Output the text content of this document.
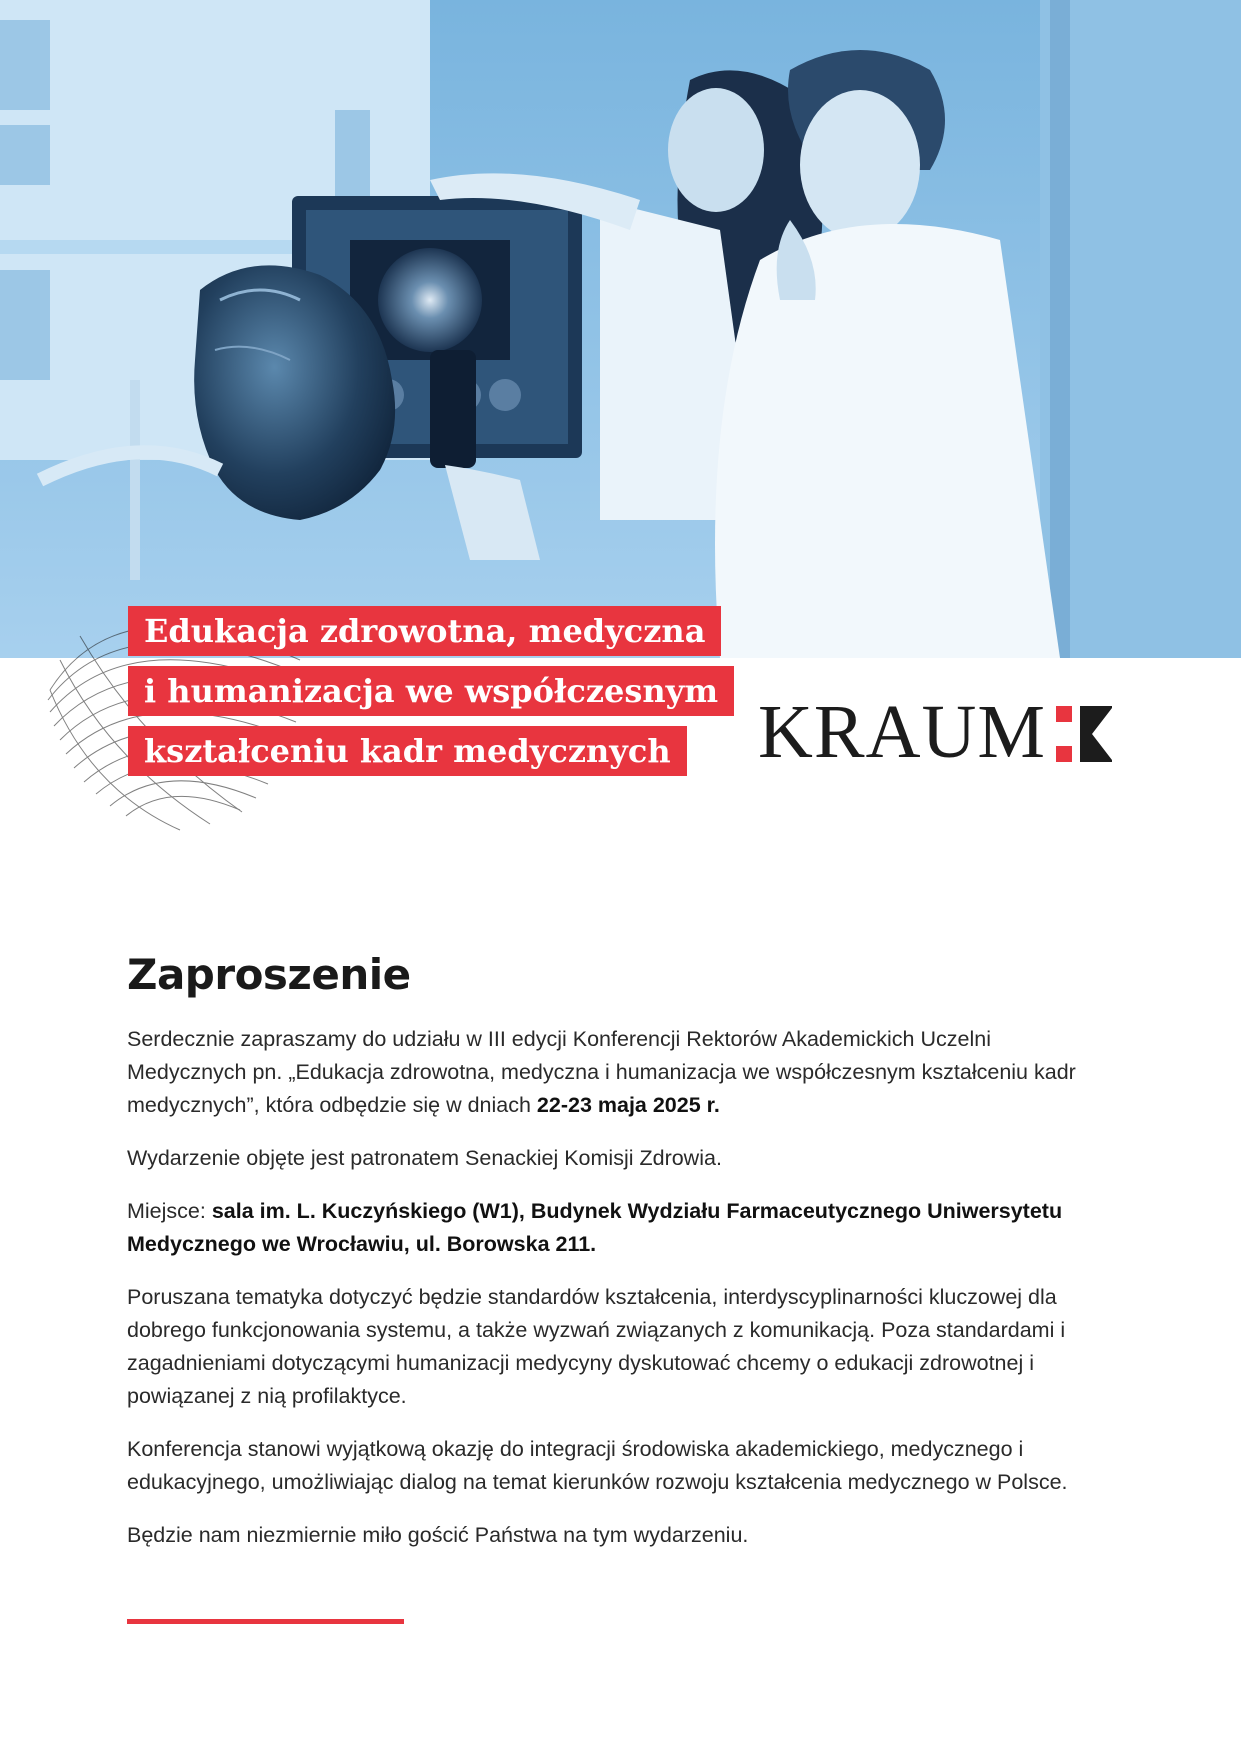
Edukacja zdrowotna, medyczna
i humanizacja we współczesnym
kształceniu kadr medycznych KRAUM
Zaproszenie

Serdecznie zapraszamy do udziału w III edycji Konferencji Rektorów Akademickich Uczelni Medycznych pn. „Edukacja zdrowotna, medyczna i humanizacja we współczesnym kształceniu kadr medycznych”, która odbędzie się w dniach 22-23 maja 2025 r.

Wydarzenie objęte jest patronatem Senackiej Komisji Zdrowia.

Miejsce: sala im. L. Kuczyńskiego (W1), Budynek Wydziału Farmaceutycznego Uniwersytetu Medycznego we Wrocławiu, ul. Borowska 211.

Poruszana tematyka dotyczyć będzie standardów kształcenia, interdyscyplinarności kluczowej dla dobrego funkcjonowania systemu, a także wyzwań związanych z komunikacją. Poza standardami i zagadnieniami dotyczącymi humanizacji medycyny dyskutować chcemy o edukacji zdrowotnej i powiązanej z nią profilaktyce.

Konferencja stanowi wyjątkową okazję do integracji środowiska akademickiego, medycznego i edukacyjnego, umożliwiając dialog na temat kierunków rozwoju kształcenia medycznego w Polsce.

Będzie nam niezmiernie miło gościć Państwa na tym wydarzeniu.
